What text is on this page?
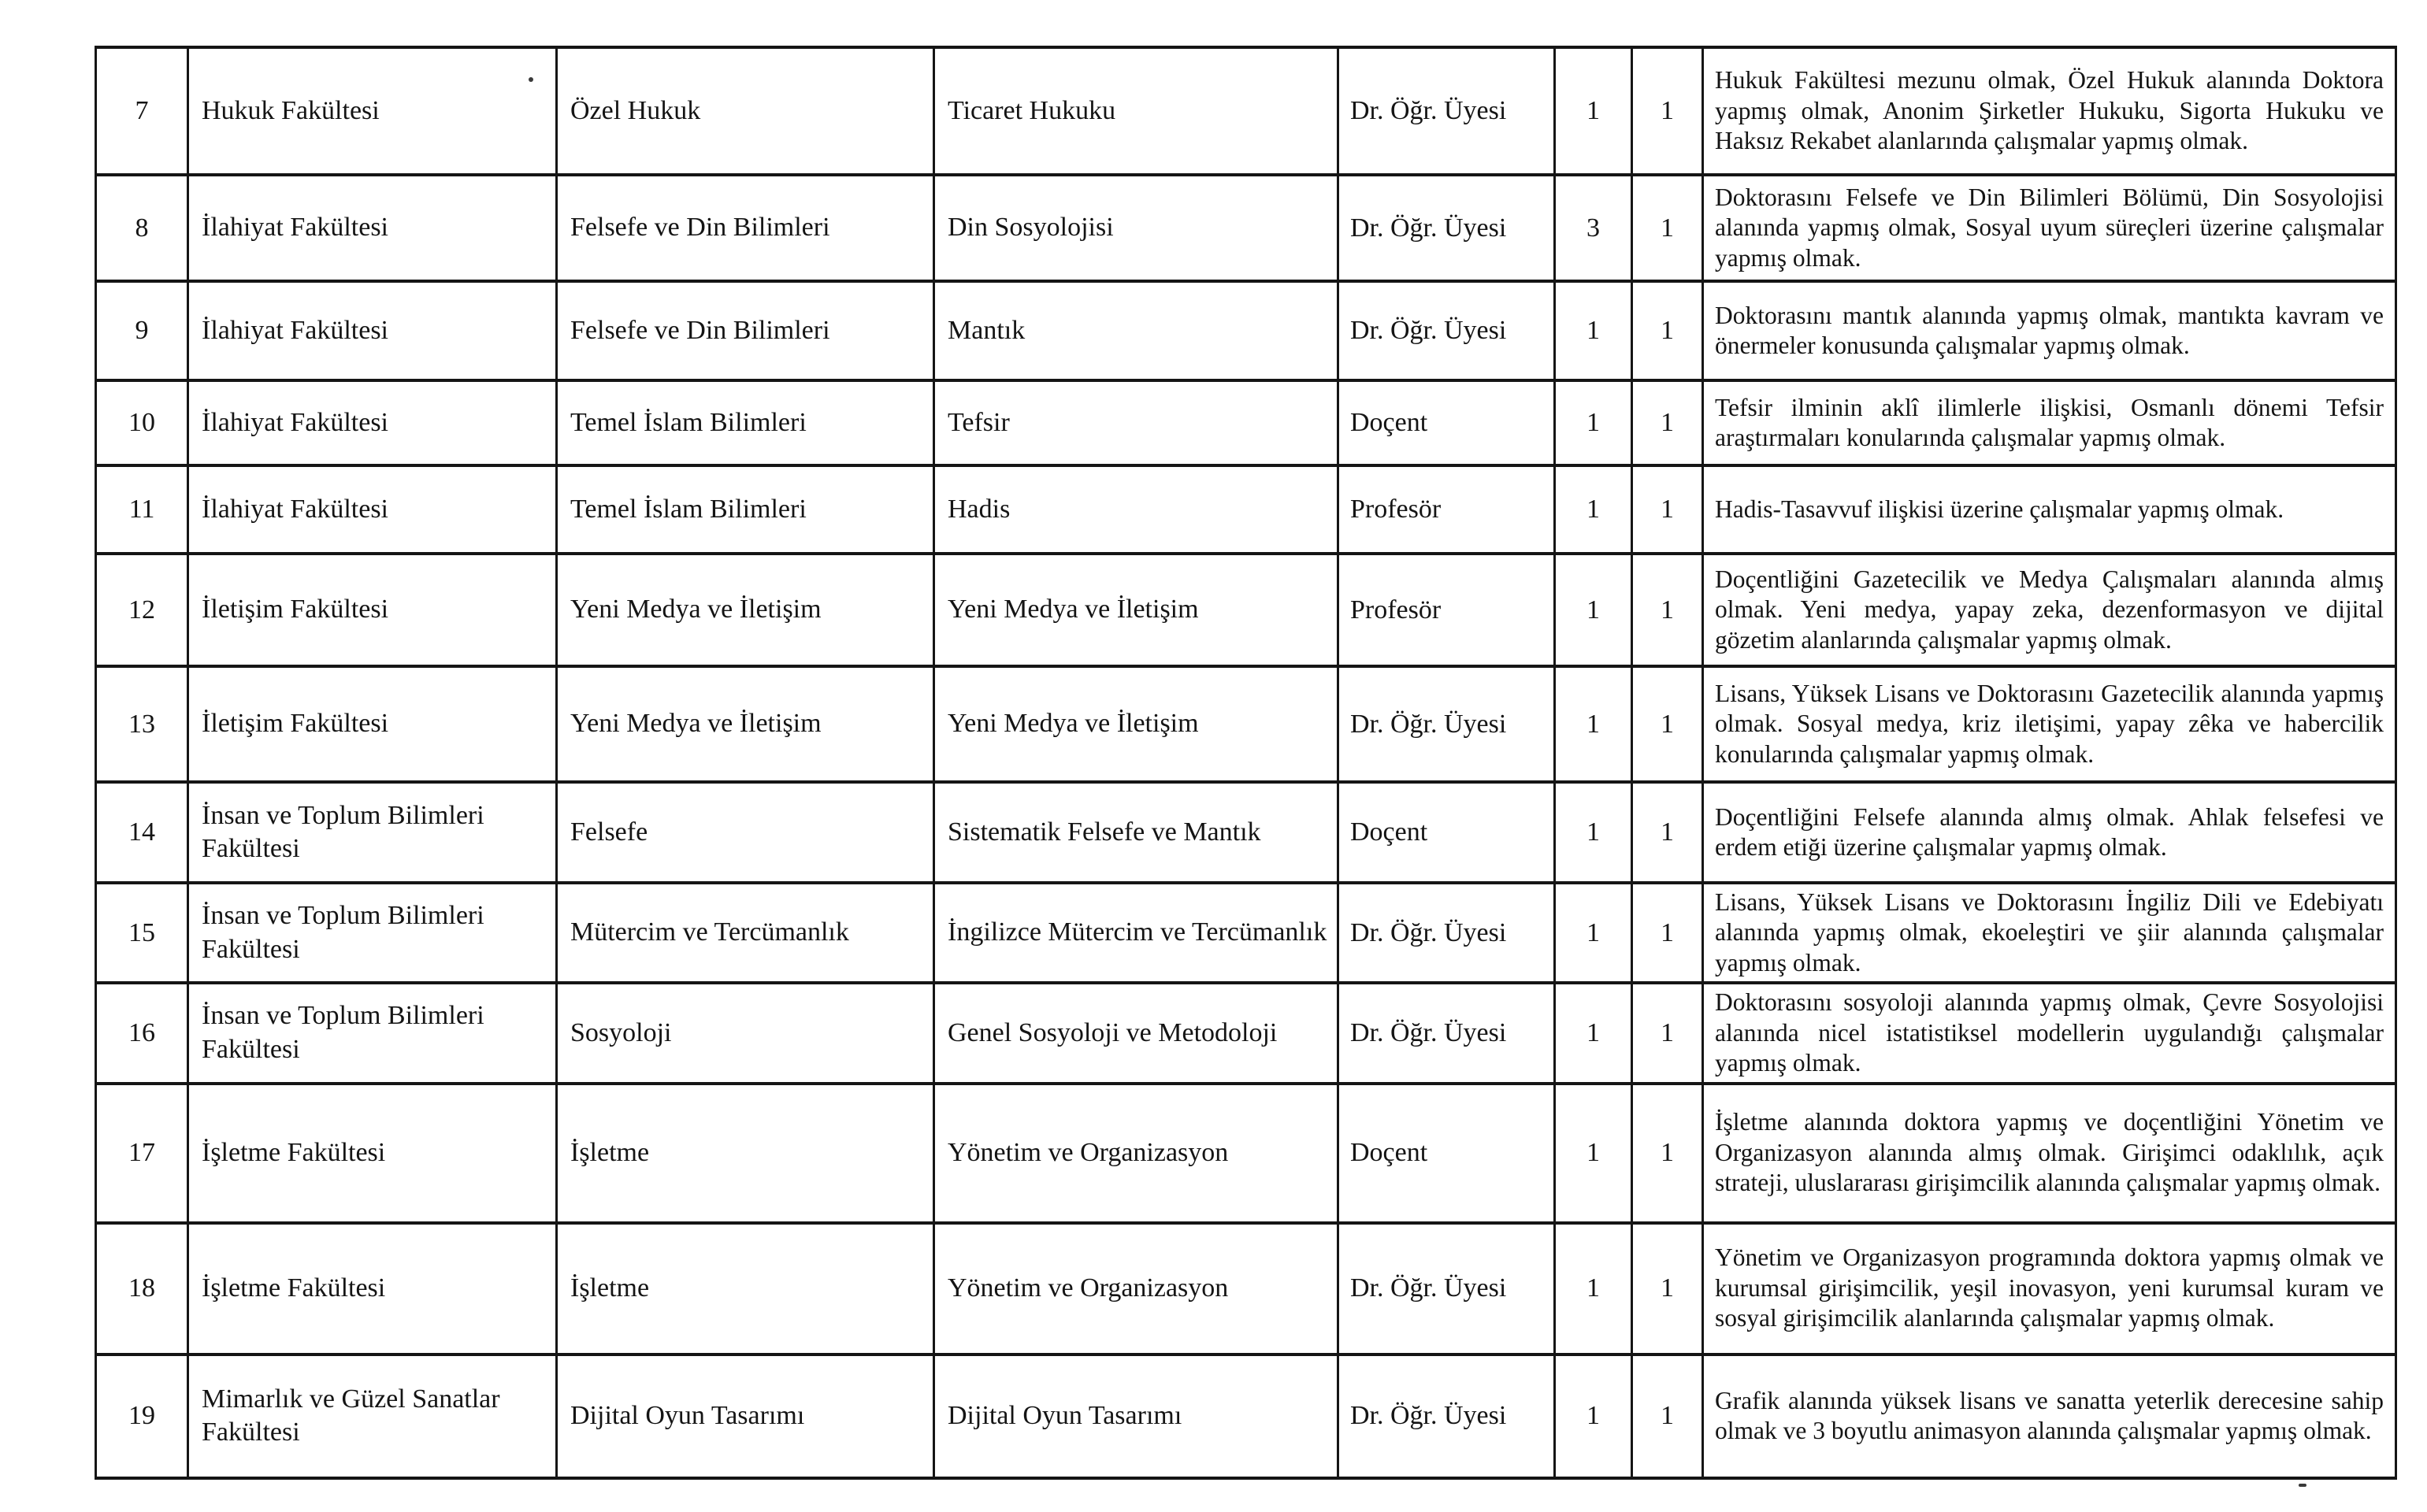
7	Hukuk Fakültesi	Özel Hukuk	Ticaret Hukuku	Dr. Öğr. Üyesi	1	1	Hukuk Fakültesi mezunu olmak, Özel Hukuk alanında Doktora yapmış olmak, Anonim Şirketler Hukuku, Sigorta Hukuku ve Haksız Rekabet alanlarında çalışmalar yapmış olmak.
8	İlahiyat Fakültesi	Felsefe ve Din Bilimleri	Din Sosyolojisi	Dr. Öğr. Üyesi	3	1	Doktorasını Felsefe ve Din Bilimleri Bölümü, Din Sosyolojisi alanında yapmış olmak, Sosyal uyum süreçleri üzerine çalışmalar yapmış olmak.
9	İlahiyat Fakültesi	Felsefe ve Din Bilimleri	Mantık	Dr. Öğr. Üyesi	1	1	Doktorasını mantık alanında yapmış olmak, mantıkta kavram ve önermeler konusunda çalışmalar yapmış olmak.
10	İlahiyat Fakültesi	Temel İslam Bilimleri	Tefsir	Doçent	1	1	Tefsir ilminin aklî ilimlerle ilişkisi, Osmanlı dönemi Tefsir araştırmaları konularında çalışmalar yapmış olmak.
11	İlahiyat Fakültesi	Temel İslam Bilimleri	Hadis	Profesör	1	1	Hadis-Tasavvuf ilişkisi üzerine çalışmalar yapmış olmak.
12	İletişim Fakültesi	Yeni Medya ve İletişim	Yeni Medya ve İletişim	Profesör	1	1	Doçentliğini Gazetecilik ve Medya Çalışmaları alanında almış olmak. Yeni medya, yapay zeka, dezenformasyon ve dijital gözetim alanlarında çalışmalar yapmış olmak.
13	İletişim Fakültesi	Yeni Medya ve İletişim	Yeni Medya ve İletişim	Dr. Öğr. Üyesi	1	1	Lisans, Yüksek Lisans ve Doktorasını Gazetecilik alanında yapmış olmak. Sosyal medya, kriz iletişimi, yapay zêka ve habercilik konularında çalışmalar yapmış olmak.
14	İnsan ve Toplum Bilimleri Fakültesi	Felsefe	Sistematik Felsefe ve Mantık	Doçent	1	1	Doçentliğini Felsefe alanında almış olmak. Ahlak felsefesi ve erdem etiği üzerine çalışmalar yapmış olmak.
15	İnsan ve Toplum Bilimleri Fakültesi	Mütercim ve Tercümanlık	İngilizce Mütercim ve Tercümanlık	Dr. Öğr. Üyesi	1	1	Lisans, Yüksek Lisans ve Doktorasını İngiliz Dili ve Edebiyatı alanında yapmış olmak, ekoeleştiri ve şiir alanında çalışmalar yapmış olmak.
16	İnsan ve Toplum Bilimleri Fakültesi	Sosyoloji	Genel Sosyoloji ve Metodoloji	Dr. Öğr. Üyesi	1	1	Doktorasını sosyoloji alanında yapmış olmak, Çevre Sosyolojisi alanında nicel istatistiksel modellerin uygulandığı çalışmalar yapmış olmak.
17	İşletme Fakültesi	İşletme	Yönetim ve Organizasyon	Doçent	1	1	İşletme alanında doktora yapmış ve doçentliğini Yönetim ve Organizasyon alanında almış olmak. Girişimci odaklılık, açık strateji, uluslararası girişimcilik alanında çalışmalar yapmış olmak.
18	İşletme Fakültesi	İşletme	Yönetim ve Organizasyon	Dr. Öğr. Üyesi	1	1	Yönetim ve Organizasyon programında doktora yapmış olmak ve kurumsal girişimcilik, yeşil inovasyon, yeni kurumsal kuram ve sosyal girişimcilik alanlarında çalışmalar yapmış olmak.
19	Mimarlık ve Güzel Sanatlar Fakültesi	Dijital Oyun Tasarımı	Dijital Oyun Tasarımı	Dr. Öğr. Üyesi	1	1	Grafik alanında yüksek lisans ve sanatta yeterlik derecesine sahip olmak ve 3 boyutlu animasyon alanında çalışmalar yapmış olmak.
